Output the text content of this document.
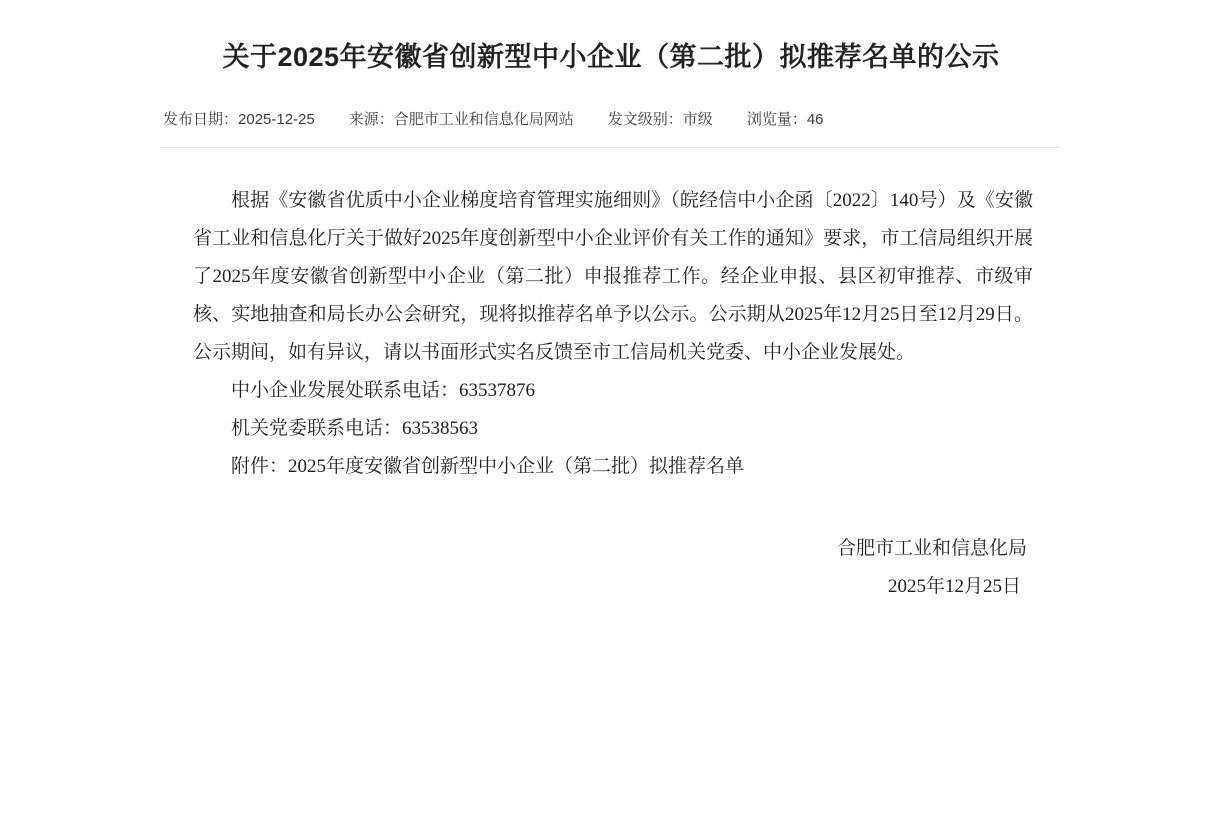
关于2025年安徽省创新型中小企业（第二批）拟推荐名单的公示
发布日期：2025-12-25 来源：合肥市工业和信息化局网站 发文级别：市级 浏览量：46

根据《安徽省优质中小企业梯度培育管理实施细则》（皖经信中小企函〔2022〕140号）及《安徽省工业和信息化厅关于做好2025年度创新型中小企业评价有关工作的通知》要求，市工信局组织开展了2025年度安徽省创新型中小企业（第二批）申报推荐工作。经企业申报、县区初审推荐、市级审核、实地抽查和局长办公会研究，现将拟推荐名单予以公示。公示期从2025年12月25日至12月29日。公示期间，如有异议，请以书面形式实名反馈至市工信局机关党委、中小企业发展处。

中小企业发展处联系电话：63537876

机关党委联系电话：63538563

附件：2025年度安徽省创新型中小企业（第二批）拟推荐名单

合肥市工业和信息化局
2025年12月25日
